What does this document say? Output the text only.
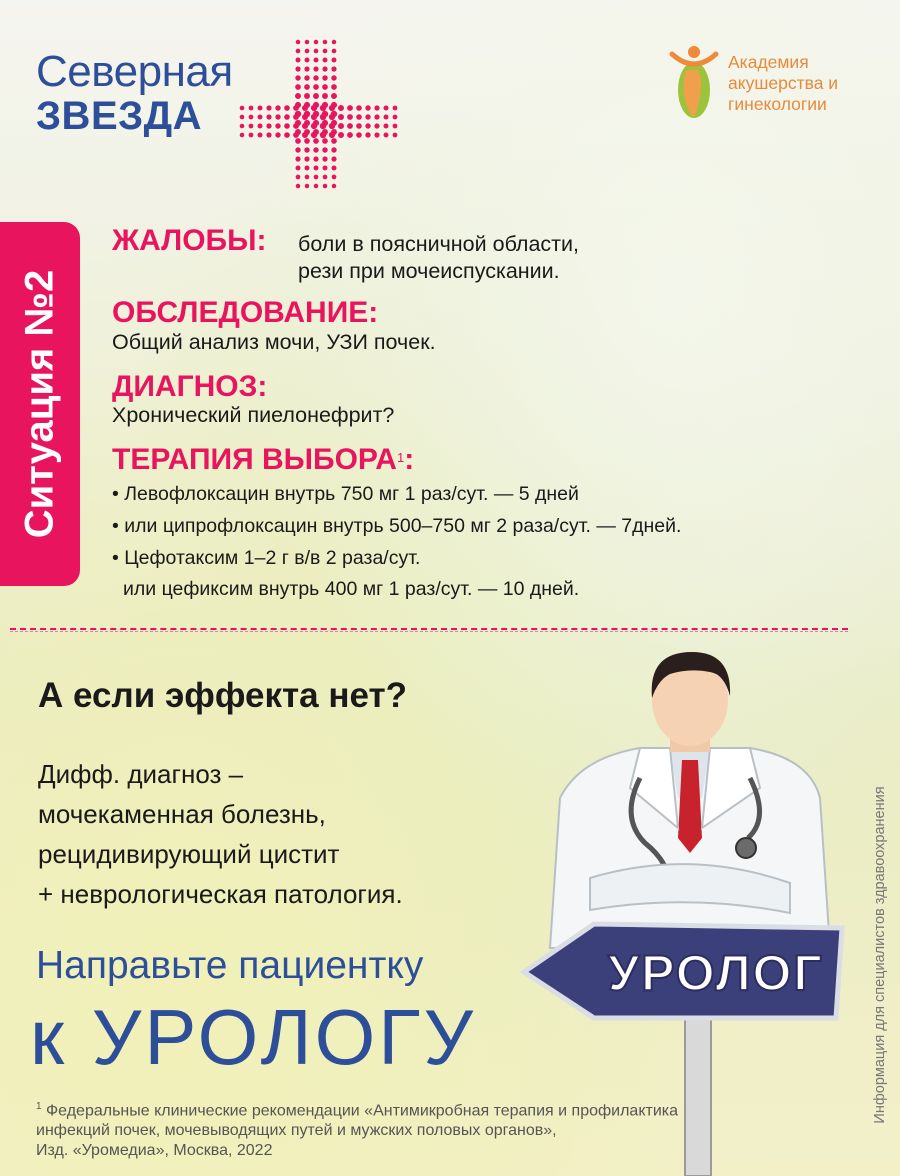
Северная
ЗВЕЗДА
Академия
акушерства и
гинекологии
Ситуация №2
ЖАЛОБЫ: боли в поясничной области,
рези при мочеиспускании.
ОБСЛЕДОВАНИЕ:
Общий анализ мочи, УЗИ почек.
ДИАГНОЗ:
Хронический пиелонефрит?
ТЕРАПИЯ ВЫБОРА$^1$:
• Левофлоксацин внутрь 750 мг 1 раз/сут. — 5 дней
• или ципрофлоксацин внутрь 500–750 мг 2 раза/сут. — 7дней.
• Цефотаксим 1–2 г в/в 2 раза/сут.
или цефиксим внутрь 400 мг 1 раз/сут. — 10 дней.
А если эффекта нет?
Дифф. диагноз –
мочекаменная болезнь,
рецидивирующий цистит
+ неврологическая патология.
Направьте пациентку
к УРОЛОГУ
УРОЛОГ
$^1$ Федеральные клинические рекомендации «Антимикробная терапия и профилактика
инфекций почек, мочевыводящих путей и мужских половых органов»,
Изд. «Уромедиа», Москва, 2022
Информация для специалистов здравоохранения
